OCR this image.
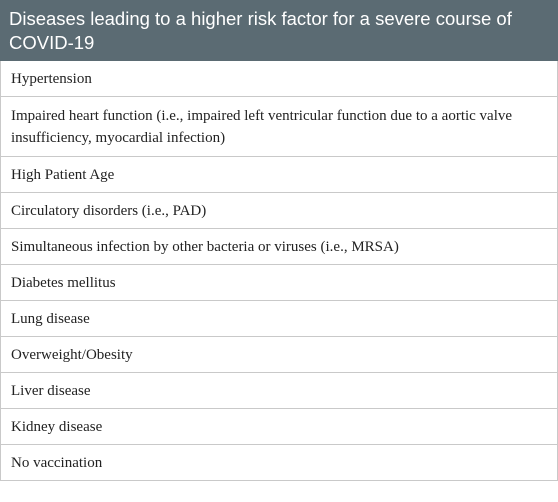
Diseases leading to a higher risk factor for a severe course of COVID-19
Hypertension
Impaired heart function (i.e., impaired left ventricular function due to a aortic valve insufficiency, myocardial infection)
High Patient Age
Circulatory disorders (i.e., PAD)
Simultaneous infection by other bacteria or viruses (i.e., MRSA)
Diabetes mellitus
Lung disease
Overweight/Obesity
Liver disease
Kidney disease
No vaccination
